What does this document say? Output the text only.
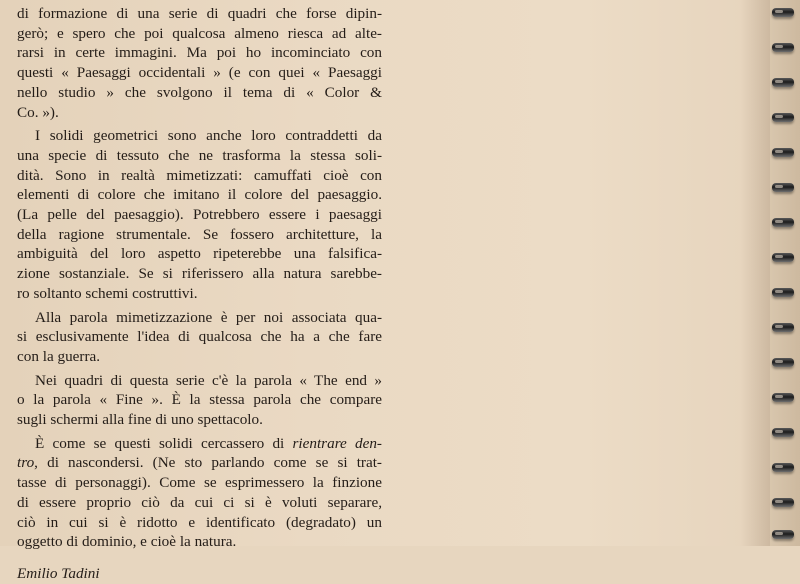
di formazione di una serie di quadri che forse dipin-
gerò; e spero che poi qualcosa almeno riesca ad alte-
rarsi in certe immagini. Ma poi ho incominciato con
questi « Paesaggi occidentali » (e con quei « Paesaggi
nello studio » che svolgono il tema di « Color &
Co. »).
I solidi geometrici sono anche loro contraddetti da
una specie di tessuto che ne trasforma la stessa soli-
dità. Sono in realtà mimetizzati: camuffati cioè con
elementi di colore che imitano il colore del paesaggio.
(La pelle del paesaggio). Potrebbero essere i paesaggi
della ragione strumentale. Se fossero architetture, la
ambiguità del loro aspetto ripeterebbe una falsifica-
zione sostanziale. Se si riferissero alla natura sarebbe-
ro soltanto schemi costruttivi.
Alla parola mimetizzazione è per noi associata qua-
si esclusivamente l'idea di qualcosa che ha a che fare
con la guerra.
Nei quadri di questa serie c'è la parola « The end »
o la parola « Fine ». È la stessa parola che compare
sugli schermi alla fine di uno spettacolo.
È come se questi solidi cercassero di rientrare den-
tro, di nascondersi. (Ne sto parlando come se si trat-
tasse di personaggi). Come se esprimessero la finzione
di essere proprio ciò da cui ci si è voluti separare,
ciò in cui si è ridotto e identificato (degradato) un
oggetto di dominio, e cioè la natura.
Emilio Tadini
